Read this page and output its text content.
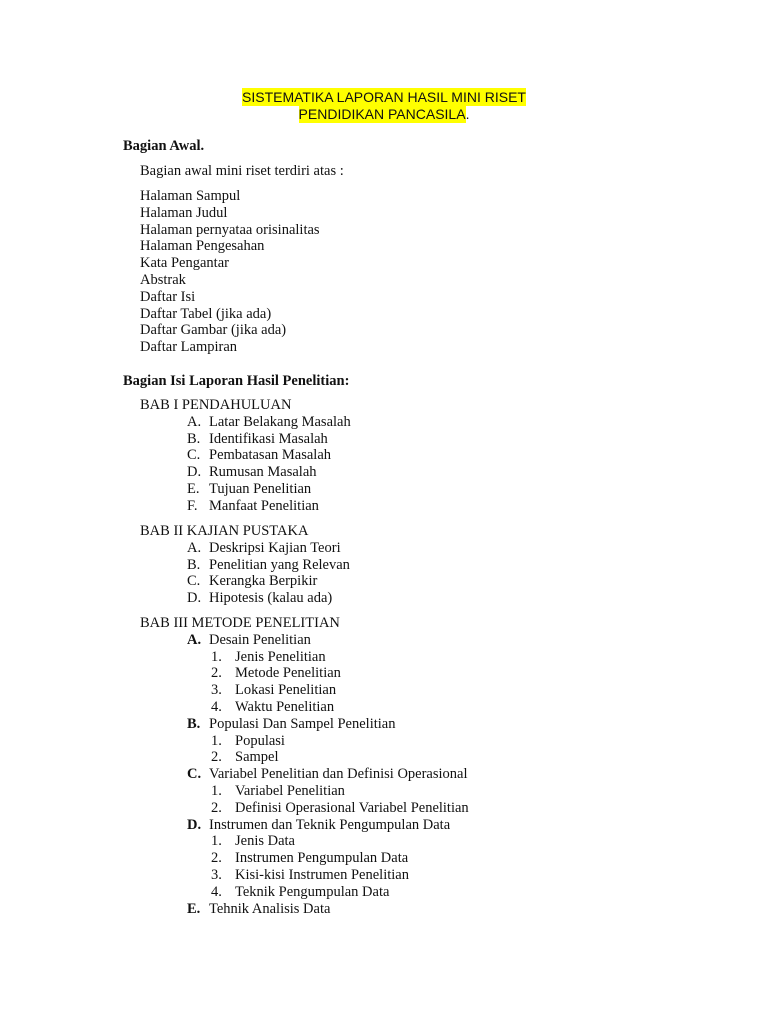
SISTEMATIKA LAPORAN HASIL MINI RISET
PENDIDIKAN PANCASILA.
Bagian Awal.
Bagian awal mini riset terdiri atas :
Halaman Sampul
Halaman Judul
Halaman pernyataa orisinalitas
Halaman Pengesahan
Kata Pengantar
Abstrak
Daftar Isi
Daftar Tabel (jika ada)
Daftar Gambar (jika ada)
Daftar Lampiran
Bagian Isi Laporan Hasil Penelitian:
BAB I PENDAHULUAN
A. Latar Belakang Masalah
B. Identifikasi Masalah
C. Pembatasan Masalah
D. Rumusan Masalah
E. Tujuan Penelitian
F. Manfaat Penelitian
BAB II KAJIAN PUSTAKA
A. Deskripsi Kajian Teori
B. Penelitian yang Relevan
C. Kerangka Berpikir
D. Hipotesis (kalau ada)
BAB III METODE PENELITIAN
A. Desain Penelitian
1. Jenis Penelitian
2. Metode Penelitian
3. Lokasi Penelitian
4. Waktu Penelitian
B. Populasi Dan Sampel Penelitian
1. Populasi
2. Sampel
C. Variabel Penelitian dan Definisi Operasional
1. Variabel Penelitian
2. Definisi Operasional Variabel Penelitian
D. Instrumen dan Teknik Pengumpulan Data
1. Jenis Data
2. Instrumen Pengumpulan Data
3. Kisi-kisi Instrumen Penelitian
4. Teknik Pengumpulan Data
E. Tehnik Analisis Data
